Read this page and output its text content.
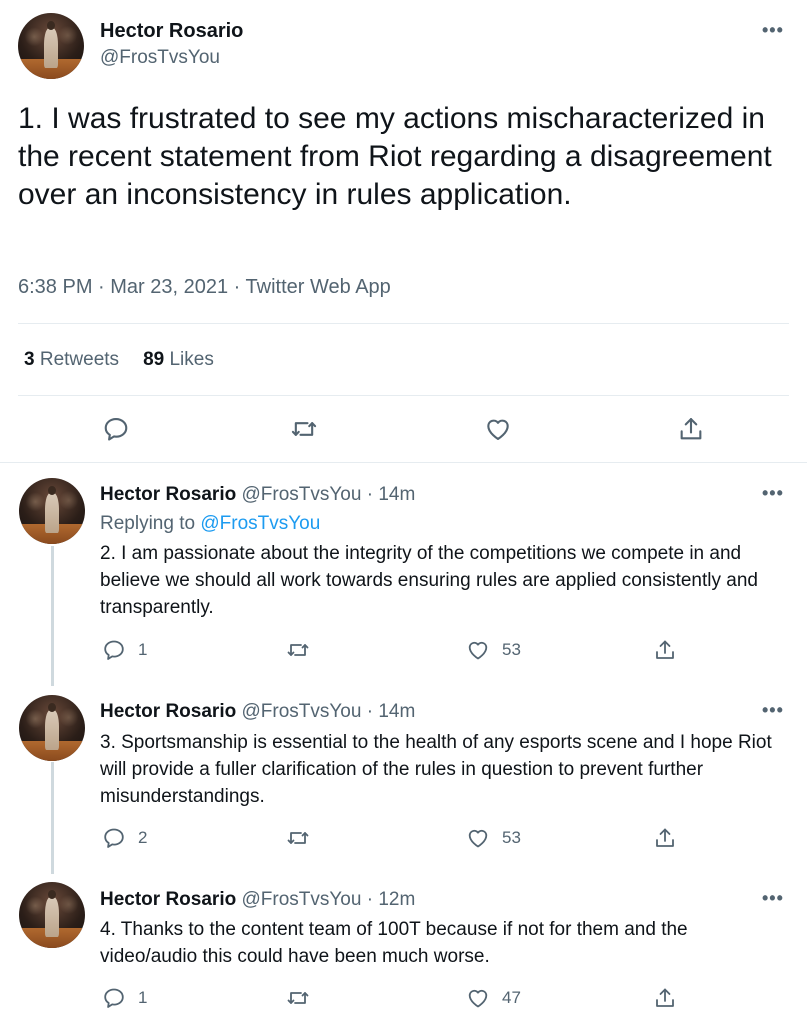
Hector Rosario
@FrosTvsYou
•••

1. I was frustrated to see my actions mischaracterized in the recent statement from Riot regarding a disagreement over an inconsistency in rules application.

6:38 PM · Mar 23, 2021 · Twitter Web App
3 Retweets 89 Likes
Hector Rosario @FrosTvsYou · 14m	•••
Replying to @FrosTvsYou

2. I am passionate about the integrity of the competitions we compete in and believe we should all work towards ensuring rules are applied consistently and transparently.

1	53
Hector Rosario @FrosTvsYou · 14m	•••

3. Sportsmanship is essential to the health of any esports scene and I hope Riot will provide a fuller clarification of the rules in question to prevent further misunderstandings.

2	53
Hector Rosario @FrosTvsYou · 12m	•••

4. Thanks to the content team of 100T because if not for them and the video/audio this could have been much worse.

1	47
